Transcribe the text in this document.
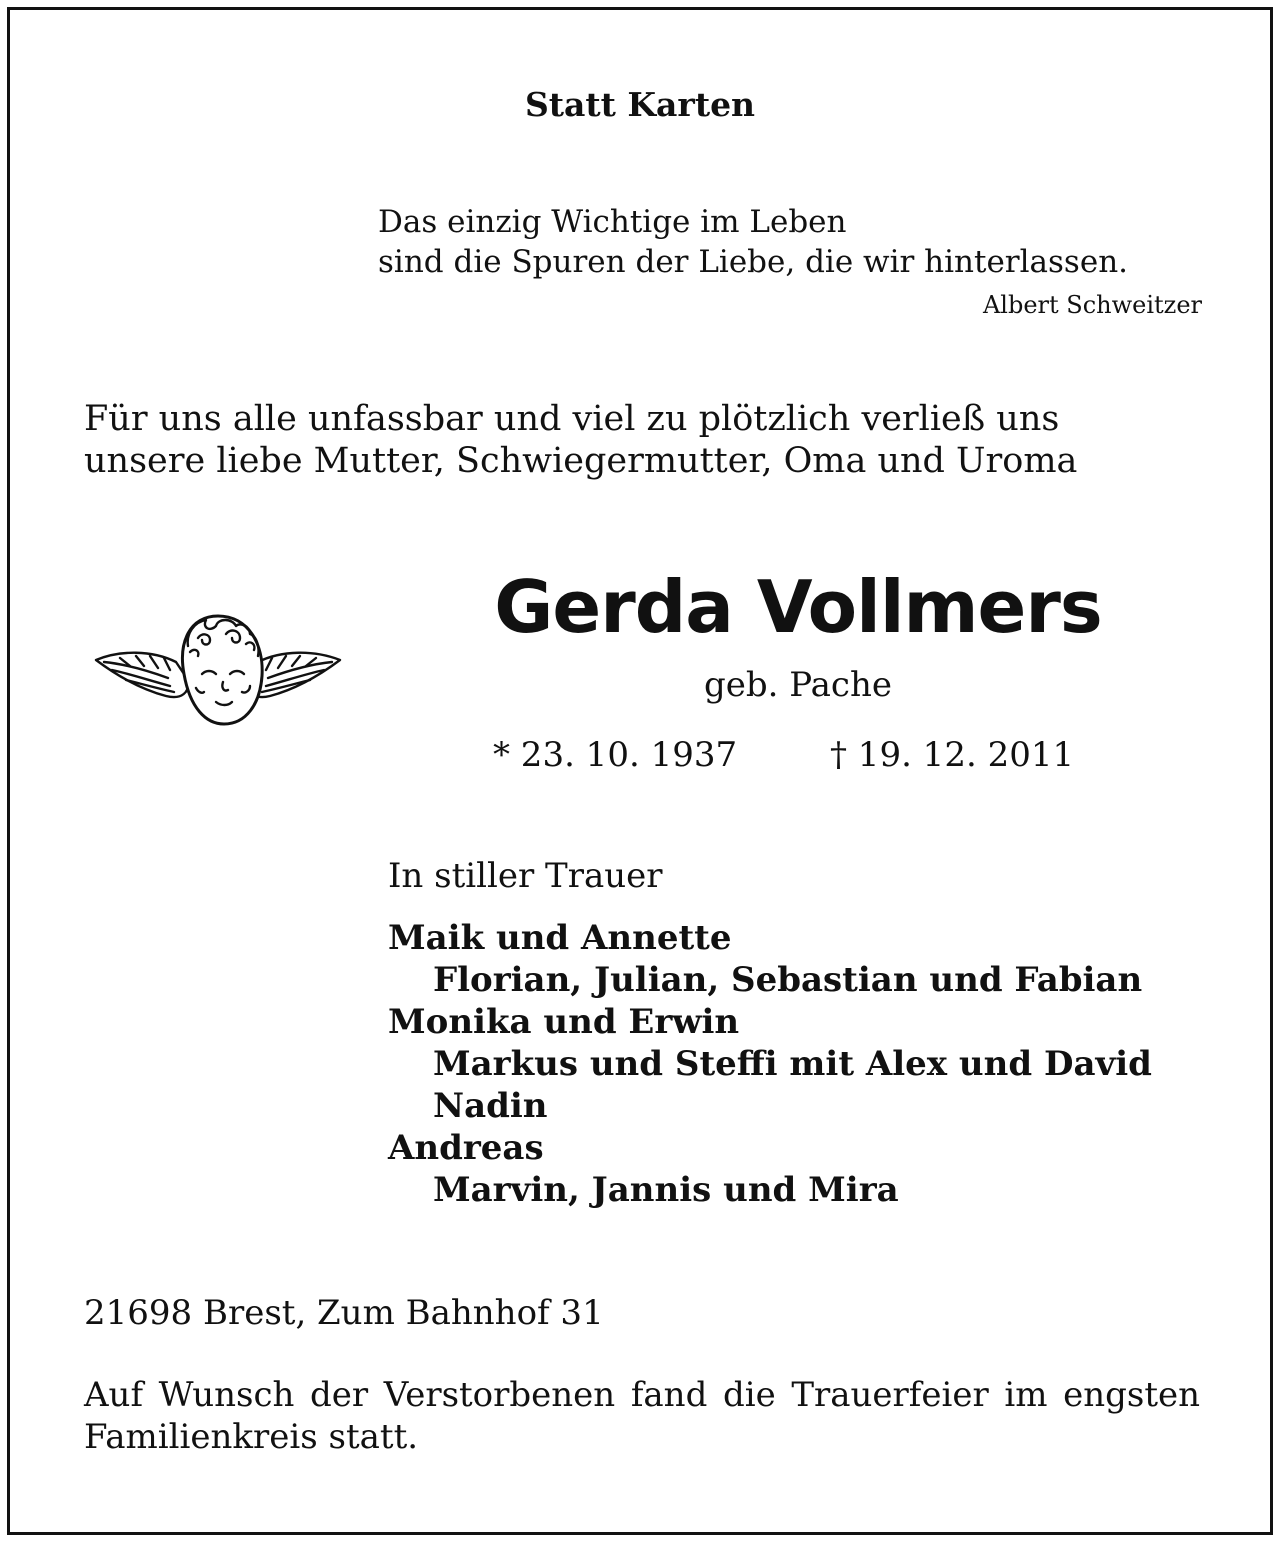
Statt Karten
Das einzig Wichtige im Leben
sind die Spuren der Liebe, die wir hinterlassen.
Albert Schweitzer
Für uns alle unfassbar und viel zu plötzlich verließ uns
unsere liebe Mutter, Schwiegermutter, Oma und Uroma
Gerda Vollmers
geb. Pache
* 23. 10. 1937	† 19. 12. 2011
In stiller Trauer
Maik und Annette
Florian, Julian, Sebastian und Fabian
Monika und Erwin
Markus und Steffi mit Alex und David
Nadin
Andreas
Marvin, Jannis und Mira
21698 Brest, Zum Bahnhof 31
Auf Wunsch der Verstorbenen fand die Trauerfeier im engsten Familienkreis statt.
